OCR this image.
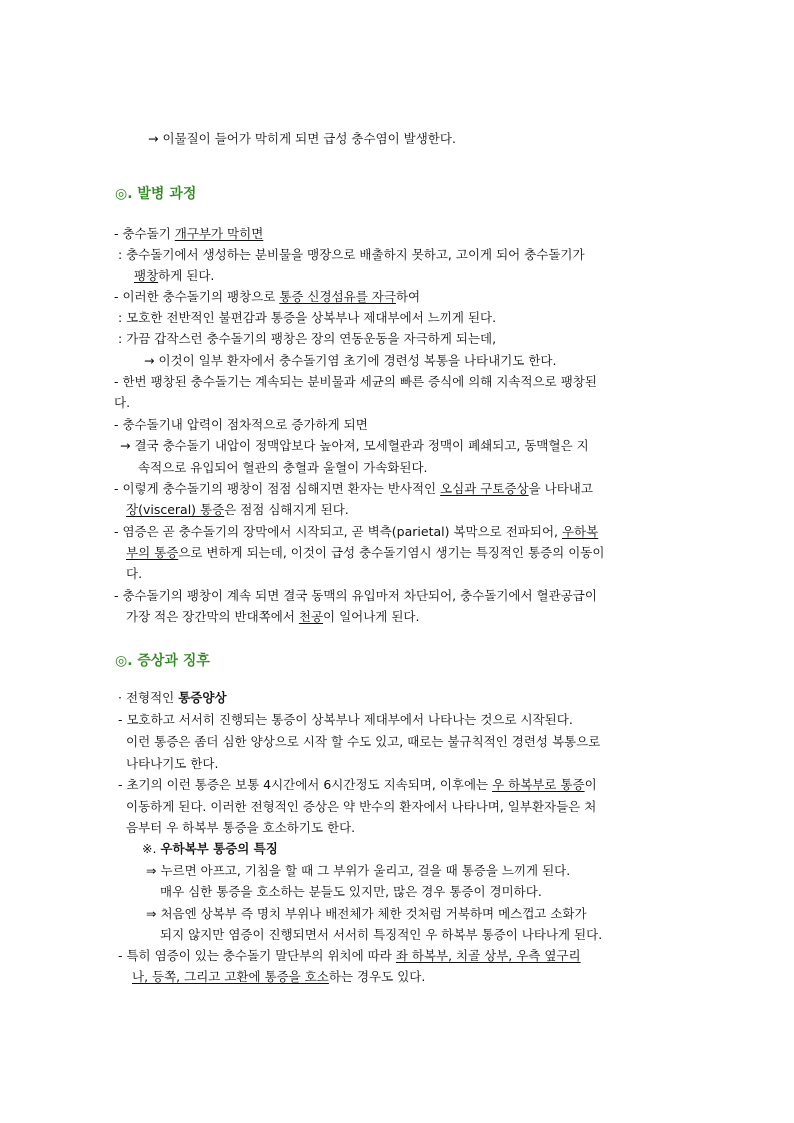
→ 이물질이 들어가 막히게 되면 급성 충수염이 발생한다.
◎. 발병 과정
- 충수돌기 개구부가 막히면
: 충수돌기에서 생성하는 분비물을 맹장으로 배출하지 못하고, 고이게 되어 충수돌기가
팽창하게 된다.
- 이러한 충수돌기의 팽창으로 통증 신경섬유를 자극하여
: 모호한 전반적인 불편감과 통증을 상복부나 제대부에서 느끼게 된다.
: 가끔 갑작스런 충수돌기의 팽창은 장의 연동운동을 자극하게 되는데,
→ 이것이 일부 환자에서 충수돌기염 초기에 경련성 복통을 나타내기도 한다.
- 한번 팽창된 충수돌기는 계속되는 분비물과 세균의 빠른 증식에 의해 지속적으로 팽창된
다.
- 충수돌기내 압력이 점차적으로 증가하게 되면
→ 결국 충수돌기 내압이 정맥압보다 높아져, 모세혈관과 정맥이 폐쇄되고, 동맥혈은 지
속적으로 유입되어 혈관의 충혈과 울혈이 가속화된다.
- 이렇게 충수돌기의 팽창이 점점 심해지면 환자는 반사적인 오심과 구토증상을 나타내고
장(visceral) 통증은 점점 심해지게 된다.
- 염증은 곧 충수돌기의 장막에서 시작되고, 곧 벽측(parietal) 복막으로 전파되어, 우하복
부의 통증으로 변하게 되는데, 이것이 급성 충수돌기염시 생기는 특징적인 통증의 이동이
다.
- 충수돌기의 팽창이 계속 되면 결국 동맥의 유입마저 차단되어, 충수돌기에서 혈관공급이
가장 적은 장간막의 반대쪽에서 천공이 일어나게 된다.
◎. 증상과 징후
· 전형적인 통증양상
- 모호하고 서서히 진행되는 통증이 상복부나 제대부에서 나타나는 것으로 시작된다.
이런 통증은 좀더 심한 양상으로 시작 할 수도 있고, 때로는 불규칙적인 경련성 복통으로
나타나기도 한다.
- 초기의 이런 통증은 보통 4시간에서 6시간정도 지속되며, 이후에는 우 하복부로 통증이
이동하게 된다. 이러한 전형적인 증상은 약 반수의 환자에서 나타나며, 일부환자들은 처
음부터 우 하복부 통증을 호소하기도 한다.
※. 우하복부 통증의 특징
⇒ 누르면 아프고, 기침을 할 때 그 부위가 울리고, 걸을 때 통증을 느끼게 된다.
매우 심한 통증을 호소하는 분들도 있지만, 많은 경우 통증이 경미하다.
⇒ 처음엔 상복부 즉 명치 부위나 배전체가 체한 것처럼 거북하며 메스껍고 소화가
되지 않지만 염증이 진행되면서 서서히 특징적인 우 하복부 통증이 나타나게 된다.
- 특히 염증이 있는 충수돌기 말단부의 위치에 따라 좌 하복부, 치골 상부, 우측 옆구리
나, 등쪽, 그리고 고환에 통증을 호소하는 경우도 있다.
